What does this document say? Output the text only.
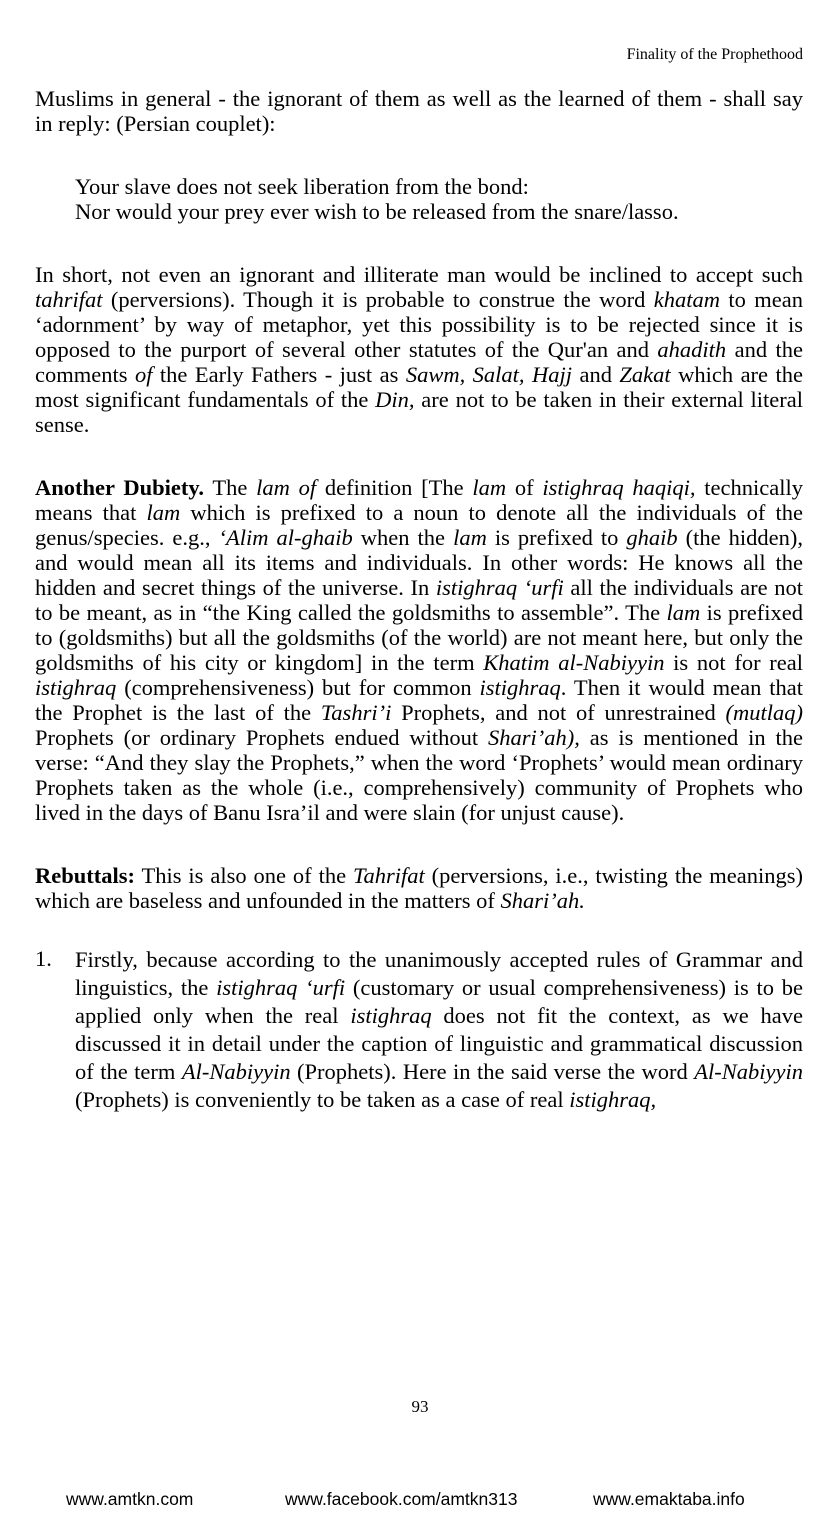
Finality of the Prophethood

Muslims in general - the ignorant of them as well as the learned of them - shall say in reply: (Persian couplet):

Your slave does not seek liberation from the bond:
Nor would your prey ever wish to be released from the snare/lasso.

In short, not even an ignorant and illiterate man would be inclined to accept such tahrifat (perversions). Though it is probable to construe the word khatam to mean ‘adornment’ by way of metaphor, yet this possibility is to be rejected since it is opposed to the purport of several other statutes of the Qur'an and ahadith and the comments of the Early Fathers - just as Sawm, Salat, Hajj and Zakat which are the most significant fundamentals of the Din, are not to be taken in their external literal sense.

Another Dubiety. The lam of definition [The lam of istighraq haqiqi, technically means that lam which is prefixed to a noun to denote all the individuals of the genus/species. e.g., ‘Alim al-ghaib when the lam is prefixed to ghaib (the hidden), and would mean all its items and individuals. In other words: He knows all the hidden and secret things of the universe. In istighraq ‘urfi all the individuals are not to be meant, as in “the King called the goldsmiths to assemble”. The lam is prefixed to (goldsmiths) but all the goldsmiths (of the world) are not meant here, but only the goldsmiths of his city or kingdom] in the term Khatim al-Nabiyyin is not for real istighraq (comprehensiveness) but for common istighraq. Then it would mean that the Prophet is the last of the Tashri’i Prophets, and not of unrestrained (mutlaq) Prophets (or ordinary Prophets endued without Shari’ah), as is mentioned in the verse: “And they slay the Prophets,” when the word ‘Prophets’ would mean ordinary Prophets taken as the whole (i.e., comprehensively) community of Prophets who lived in the days of Banu Isra’il and were slain (for unjust cause).

Rebuttals: This is also one of the Tahrifat (perversions, i.e., twisting the meanings) which are baseless and unfounded in the matters of Shari’ah.

1.	Firstly, because according to the unanimously accepted rules of Grammar and linguistics, the istighraq ‘urfi (customary or usual comprehensiveness) is to be applied only when the real istighraq does not fit the context, as we have discussed it in detail under the caption of linguistic and grammatical discussion of the term Al-Nabiyyin (Prophets). Here in the said verse the word Al-Nabiyyin (Prophets) is conveniently to be taken as a case of real istighraq,

93
www.amtkn.com	www.facebook.com/amtkn313	www.emaktaba.info
